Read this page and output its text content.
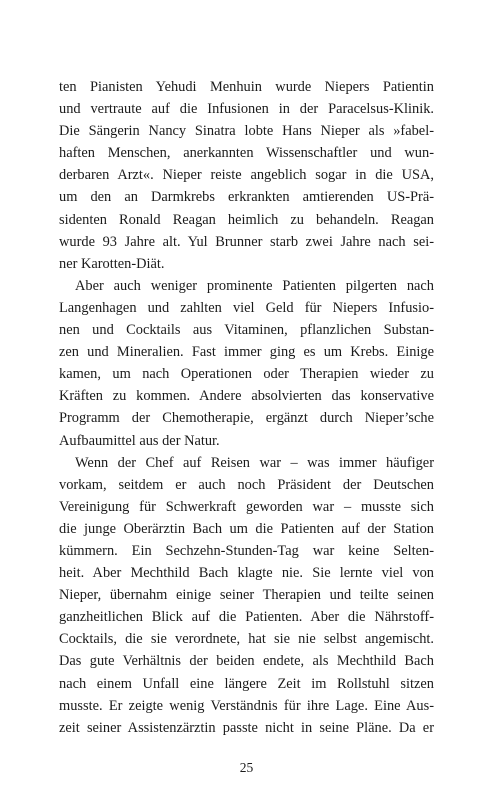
ten Pianisten Yehudi Menhuin wurde Niepers Patientin
und vertraute auf die Infusionen in der Paracelsus-Klinik.
Die Sängerin Nancy Sinatra lobte Hans Nieper als »fabel-
haften Menschen, anerkannten Wissenschaftler und wun-
derbaren Arzt«. Nieper reiste angeblich sogar in die USA,
um den an Darmkrebs erkrankten amtierenden US-Prä-
sidenten Ronald Reagan heimlich zu behandeln. Reagan
wurde 93 Jahre alt. Yul Brunner starb zwei Jahre nach sei-
ner Karotten-Diät.
Aber auch weniger prominente Patienten pilgerten nach
Langenhagen und zahlten viel Geld für Niepers Infusio-
nen und Cocktails aus Vitaminen, pflanzlichen Substan-
zen und Mineralien. Fast immer ging es um Krebs. Einige
kamen, um nach Operationen oder Therapien wieder zu
Kräften zu kommen. Andere absolvierten das konservative
Programm der Chemotherapie, ergänzt durch Nieper’sche
Aufbaumittel aus der Natur.
Wenn der Chef auf Reisen war – was immer häufiger
vorkam, seitdem er auch noch Präsident der Deutschen
Vereinigung für Schwerkraft geworden war – musste sich
die junge Oberärztin Bach um die Patienten auf der Station
kümmern. Ein Sechzehn-Stunden-Tag war keine Selten-
heit. Aber Mechthild Bach klagte nie. Sie lernte viel von
Nieper, übernahm einige seiner Therapien und teilte seinen
ganzheitlichen Blick auf die Patienten. Aber die Nährstoff-
Cocktails, die sie verordnete, hat sie nie selbst angemischt.
Das gute Verhältnis der beiden endete, als Mechthild Bach
nach einem Unfall eine längere Zeit im Rollstuhl sitzen
musste. Er zeigte wenig Verständnis für ihre Lage. Eine Aus-
zeit seiner Assistenzärztin passte nicht in seine Pläne. Da er
25
